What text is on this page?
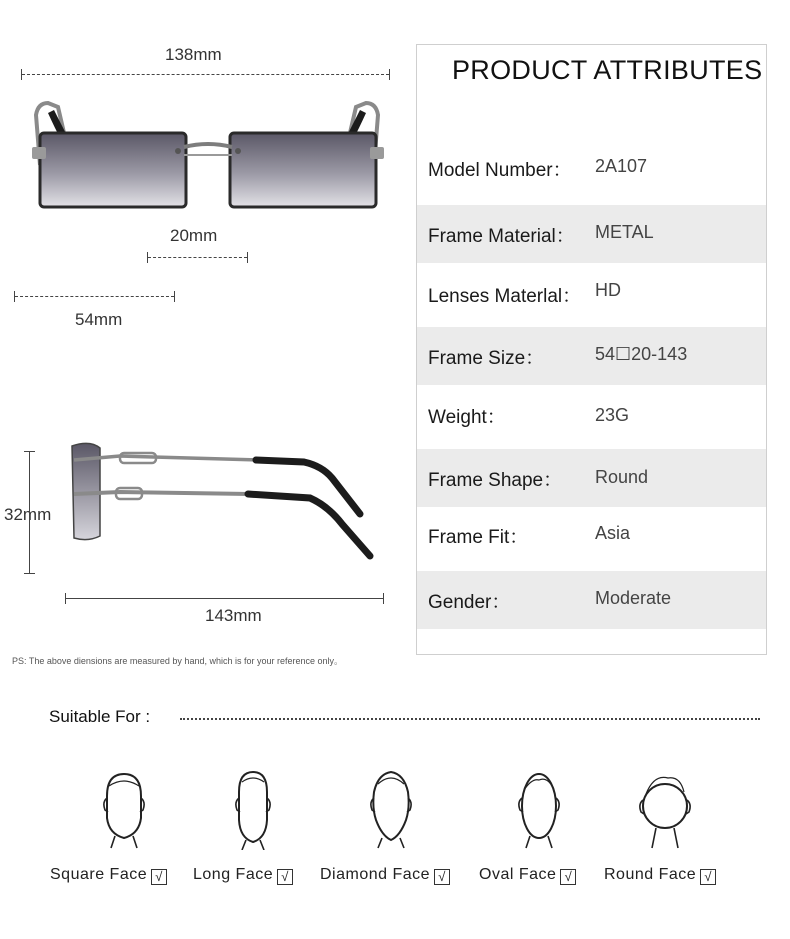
138mm
20mm
54mm
32mm
143mm
PRODUCT ATTRIBUTES
Model Number： 2A107
Frame Material： METAL
Lenses Materlal： HD
Frame Size：	54☐20-143
Weight：	23G
Frame Shape： Round
Frame Fit：	Asia
Gender：	Moderate
PS: The above diensions are measured by hand, which is for your reference only。
Suitable For :
Square Face √ Long Face √ Diamond Face √ Oval Face √ Round Face √
